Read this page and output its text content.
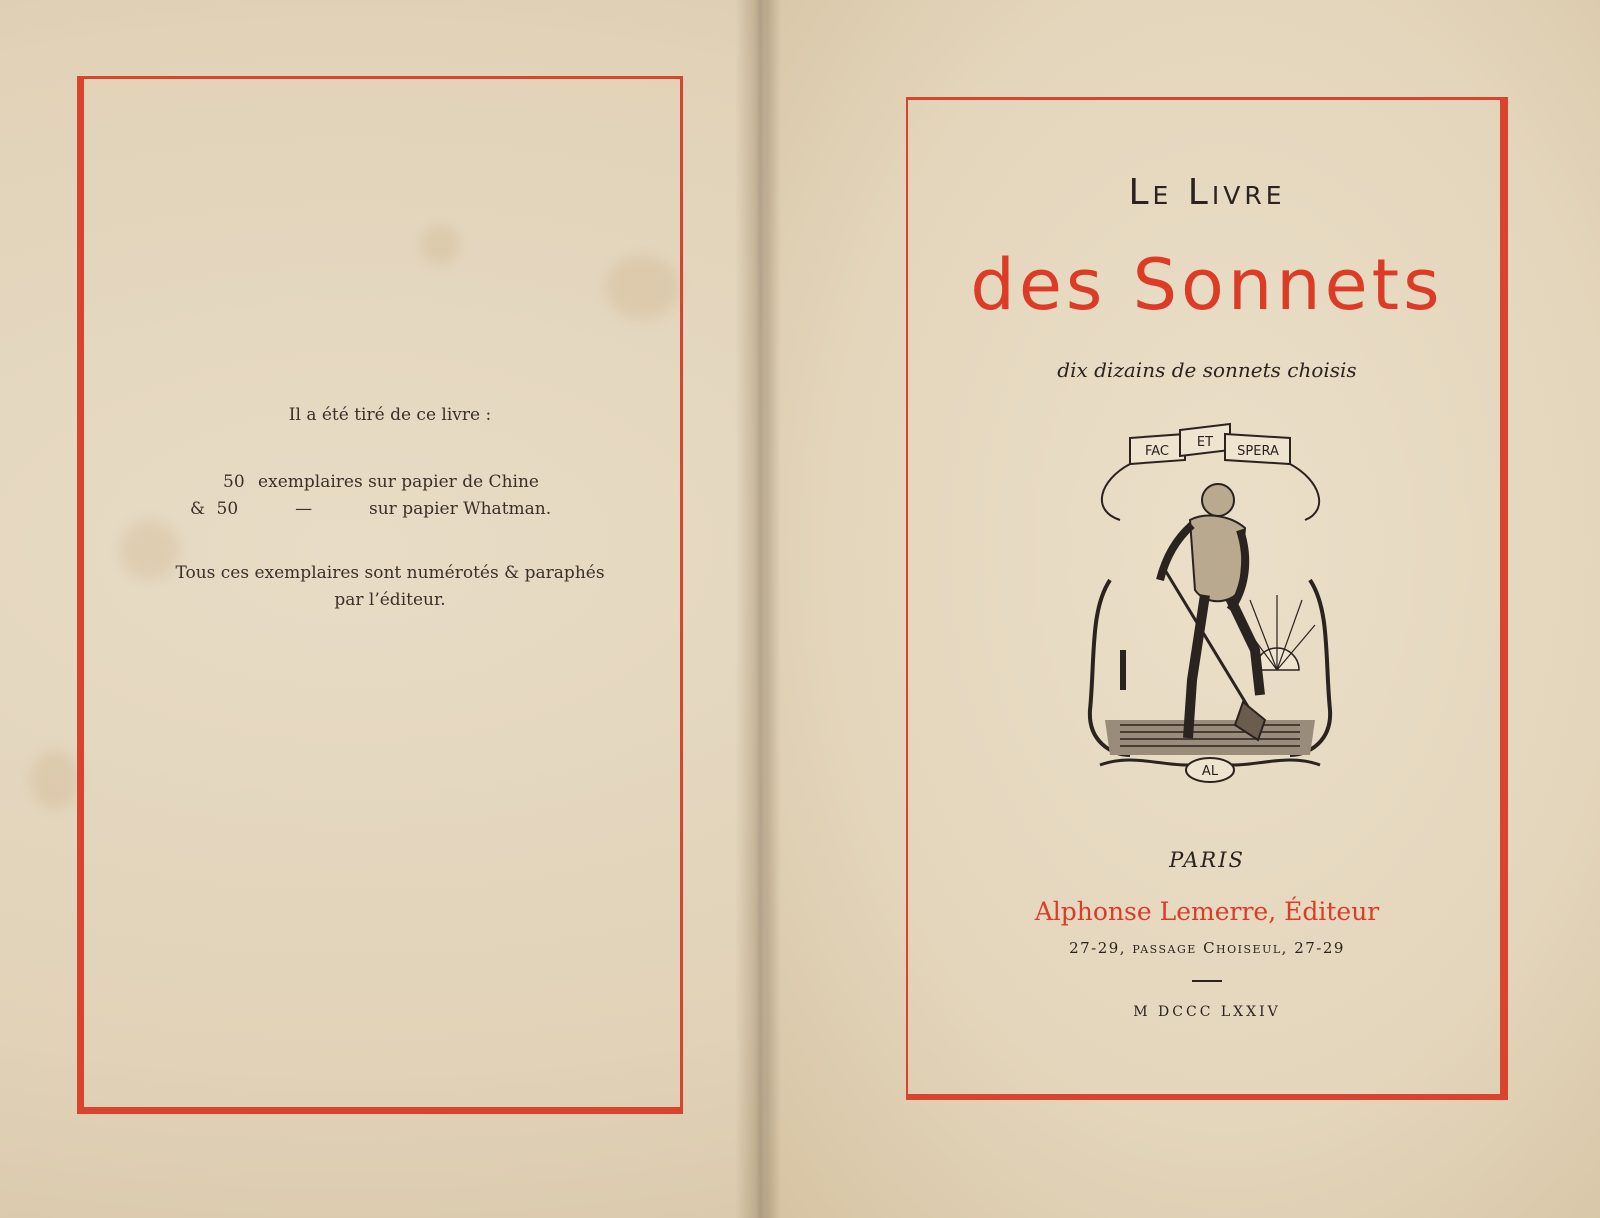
Il a été tiré de ce livre :
50 exemplaires sur papier de Chine
& 50	—	sur papier Whatman.
Tous ces exemplaires sont numérotés & paraphés
par l’éditeur.
Le Livre
des Sonnets
dix dizains de sonnets choisis
PARIS
Alphonse Lemerre, Éditeur
27-29, passage Choiseul, 27-29
M DCCC LXXIV
FAC
ET
SPERA
AL
